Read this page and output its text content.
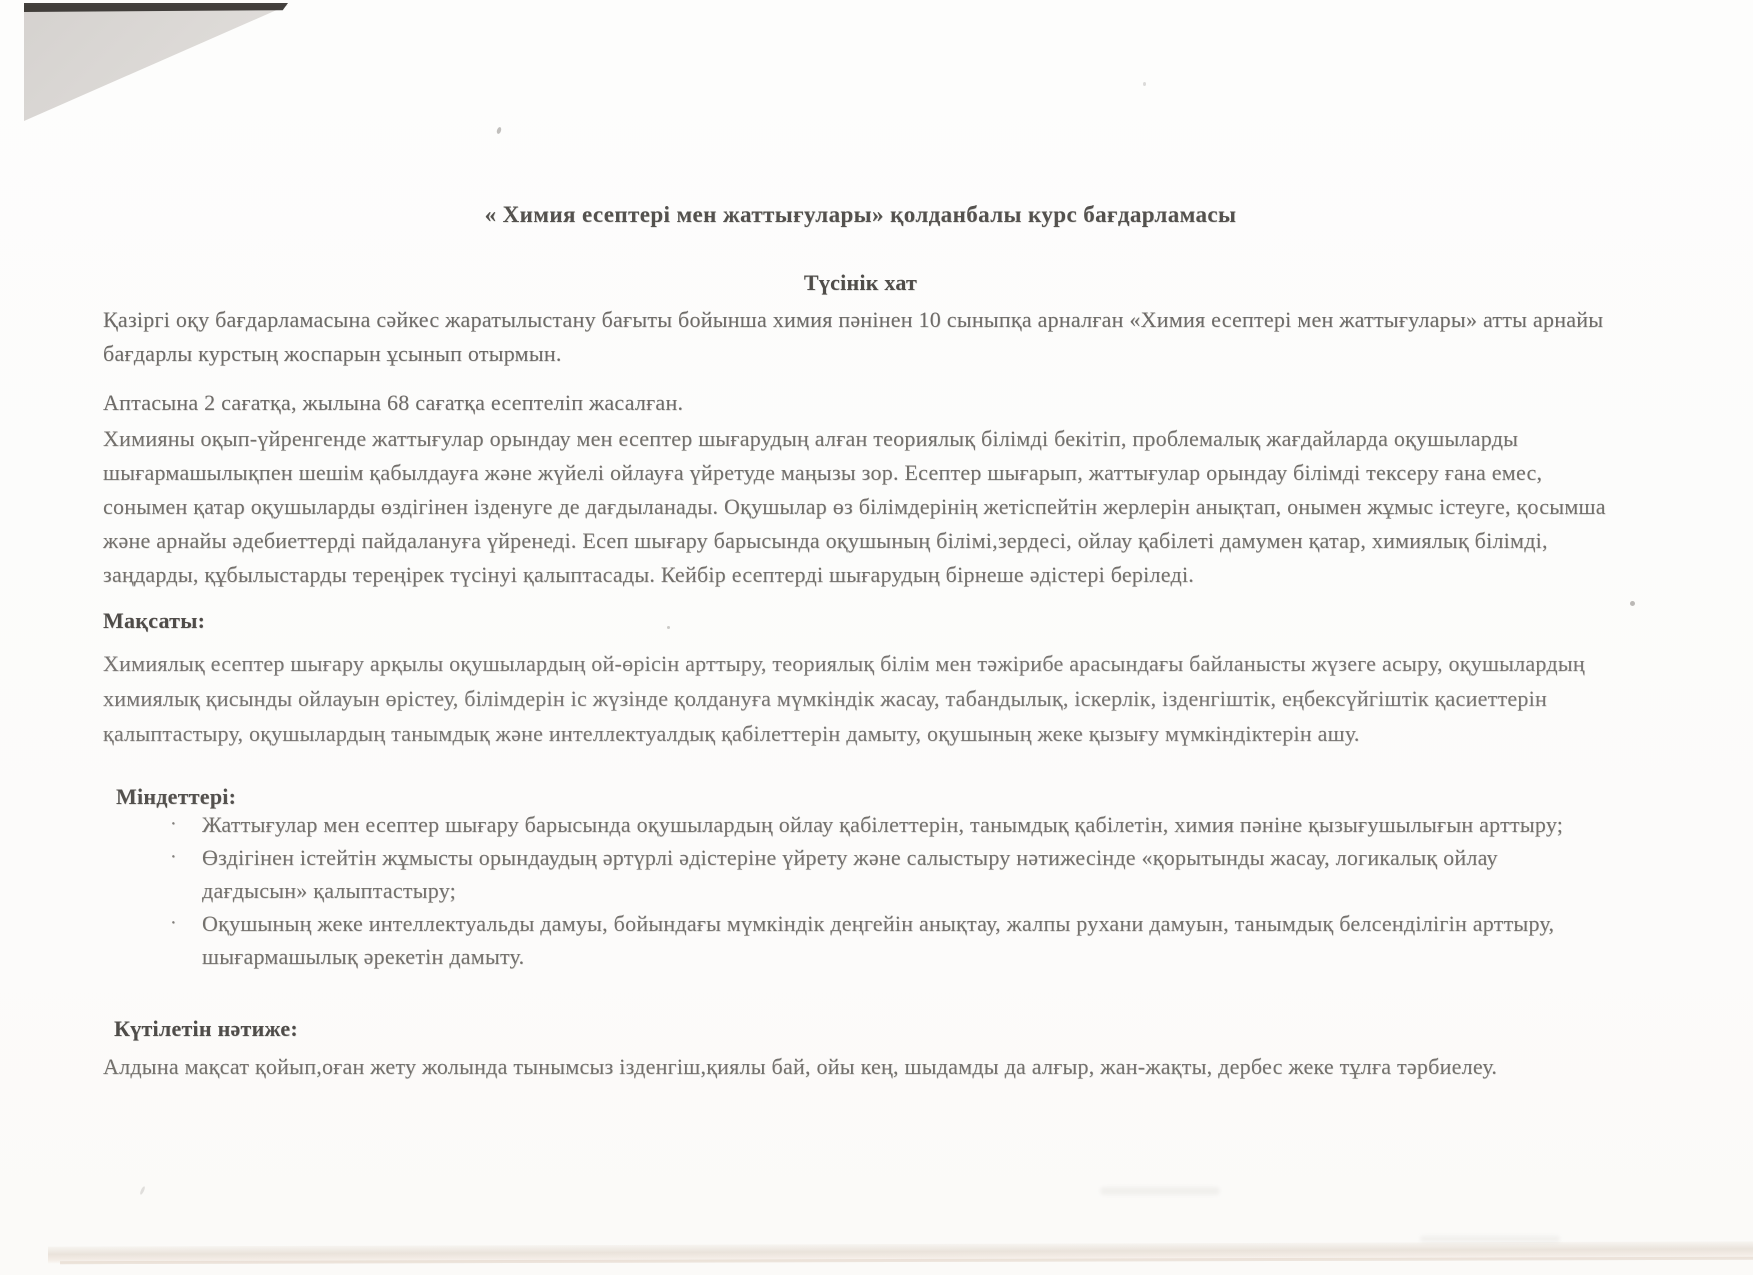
« Химия есептері мен жаттығулары» қолданбалы курс бағдарламасы
Түсінік хат
Қазіргі оқу бағдарламасына сәйкес жаратылыстану бағыты бойынша химия пәнінен 10 сыныпқа арналған «Химия есептері мен жаттығулары» атты арнайы бағдарлы курстың жоспарын ұсынып отырмын.
Аптасына 2 сағатқа, жылына 68 сағатқа есептеліп жасалған.
Химияны оқып-үйренгенде жаттығулар орындау мен есептер шығарудың алған теориялық білімді бекітіп, проблемалық жағдайларда оқушыларды шығармашылықпен шешім қабылдауға және жүйелі ойлауға үйретуде маңызы зор. Есептер шығарып, жаттығулар орындау білімді тексеру ғана емес, сонымен қатар оқушыларды өздігінен ізденуге де дағдыланады. Оқушылар өз білімдерінің жетіспейтін жерлерін анықтап, онымен жұмыс істеуге, қосымша және арнайы әдебиеттерді пайдалануға үйренеді. Есеп шығару барысында оқушының білімі,зердесі, ойлау қабілеті дамумен қатар, химиялық білімді, заңдарды, құбылыстарды тереңірек түсінуі қалыптасады. Кейбір есептерді шығарудың бірнеше әдістері беріледі.
Мақсаты:
Химиялық есептер шығару арқылы оқушылардың ой-өрісін арттыру, теориялық білім мен тәжірибе арасындағы байланысты жүзеге асыру, оқушылардың химиялық қисынды ойлауын өрістеу, білімдерін іс жүзінде қолдануға мүмкіндік жасау, табандылық, іскерлік, ізденгіштік, еңбексүйгіштік қасиеттерін қалыптастыру, оқушылардың танымдық және интеллектуалдық қабілеттерін дамыту, оқушының жеке қызығу мүмкіндіктерін ашу.
Міндеттері:
· Жаттығулар мен есептер шығару барысында оқушылардың ойлау қабілеттерін, танымдық қабілетін, химия пәніне қызығушылығын арттыру;
· Өздігінен істейтін жұмысты орындаудың әртүрлі әдістеріне үйрету және салыстыру нәтижесінде «қорытынды жасау, логикалық ойлау дағдысын» қалыптастыру;
· Оқушының жеке интеллектуальды дамуы, бойындағы мүмкіндік деңгейін анықтау, жалпы рухани дамуын, танымдық белсенділігін арттыру, шығармашылық әрекетін дамыту.
Күтілетін нәтиже:
Алдына мақсат қойып,оған жету жолында тынымсыз ізденгіш,қиялы бай, ойы кең, шыдамды да алғыр, жан-жақты, дербес жеке тұлға тәрбиелеу.
